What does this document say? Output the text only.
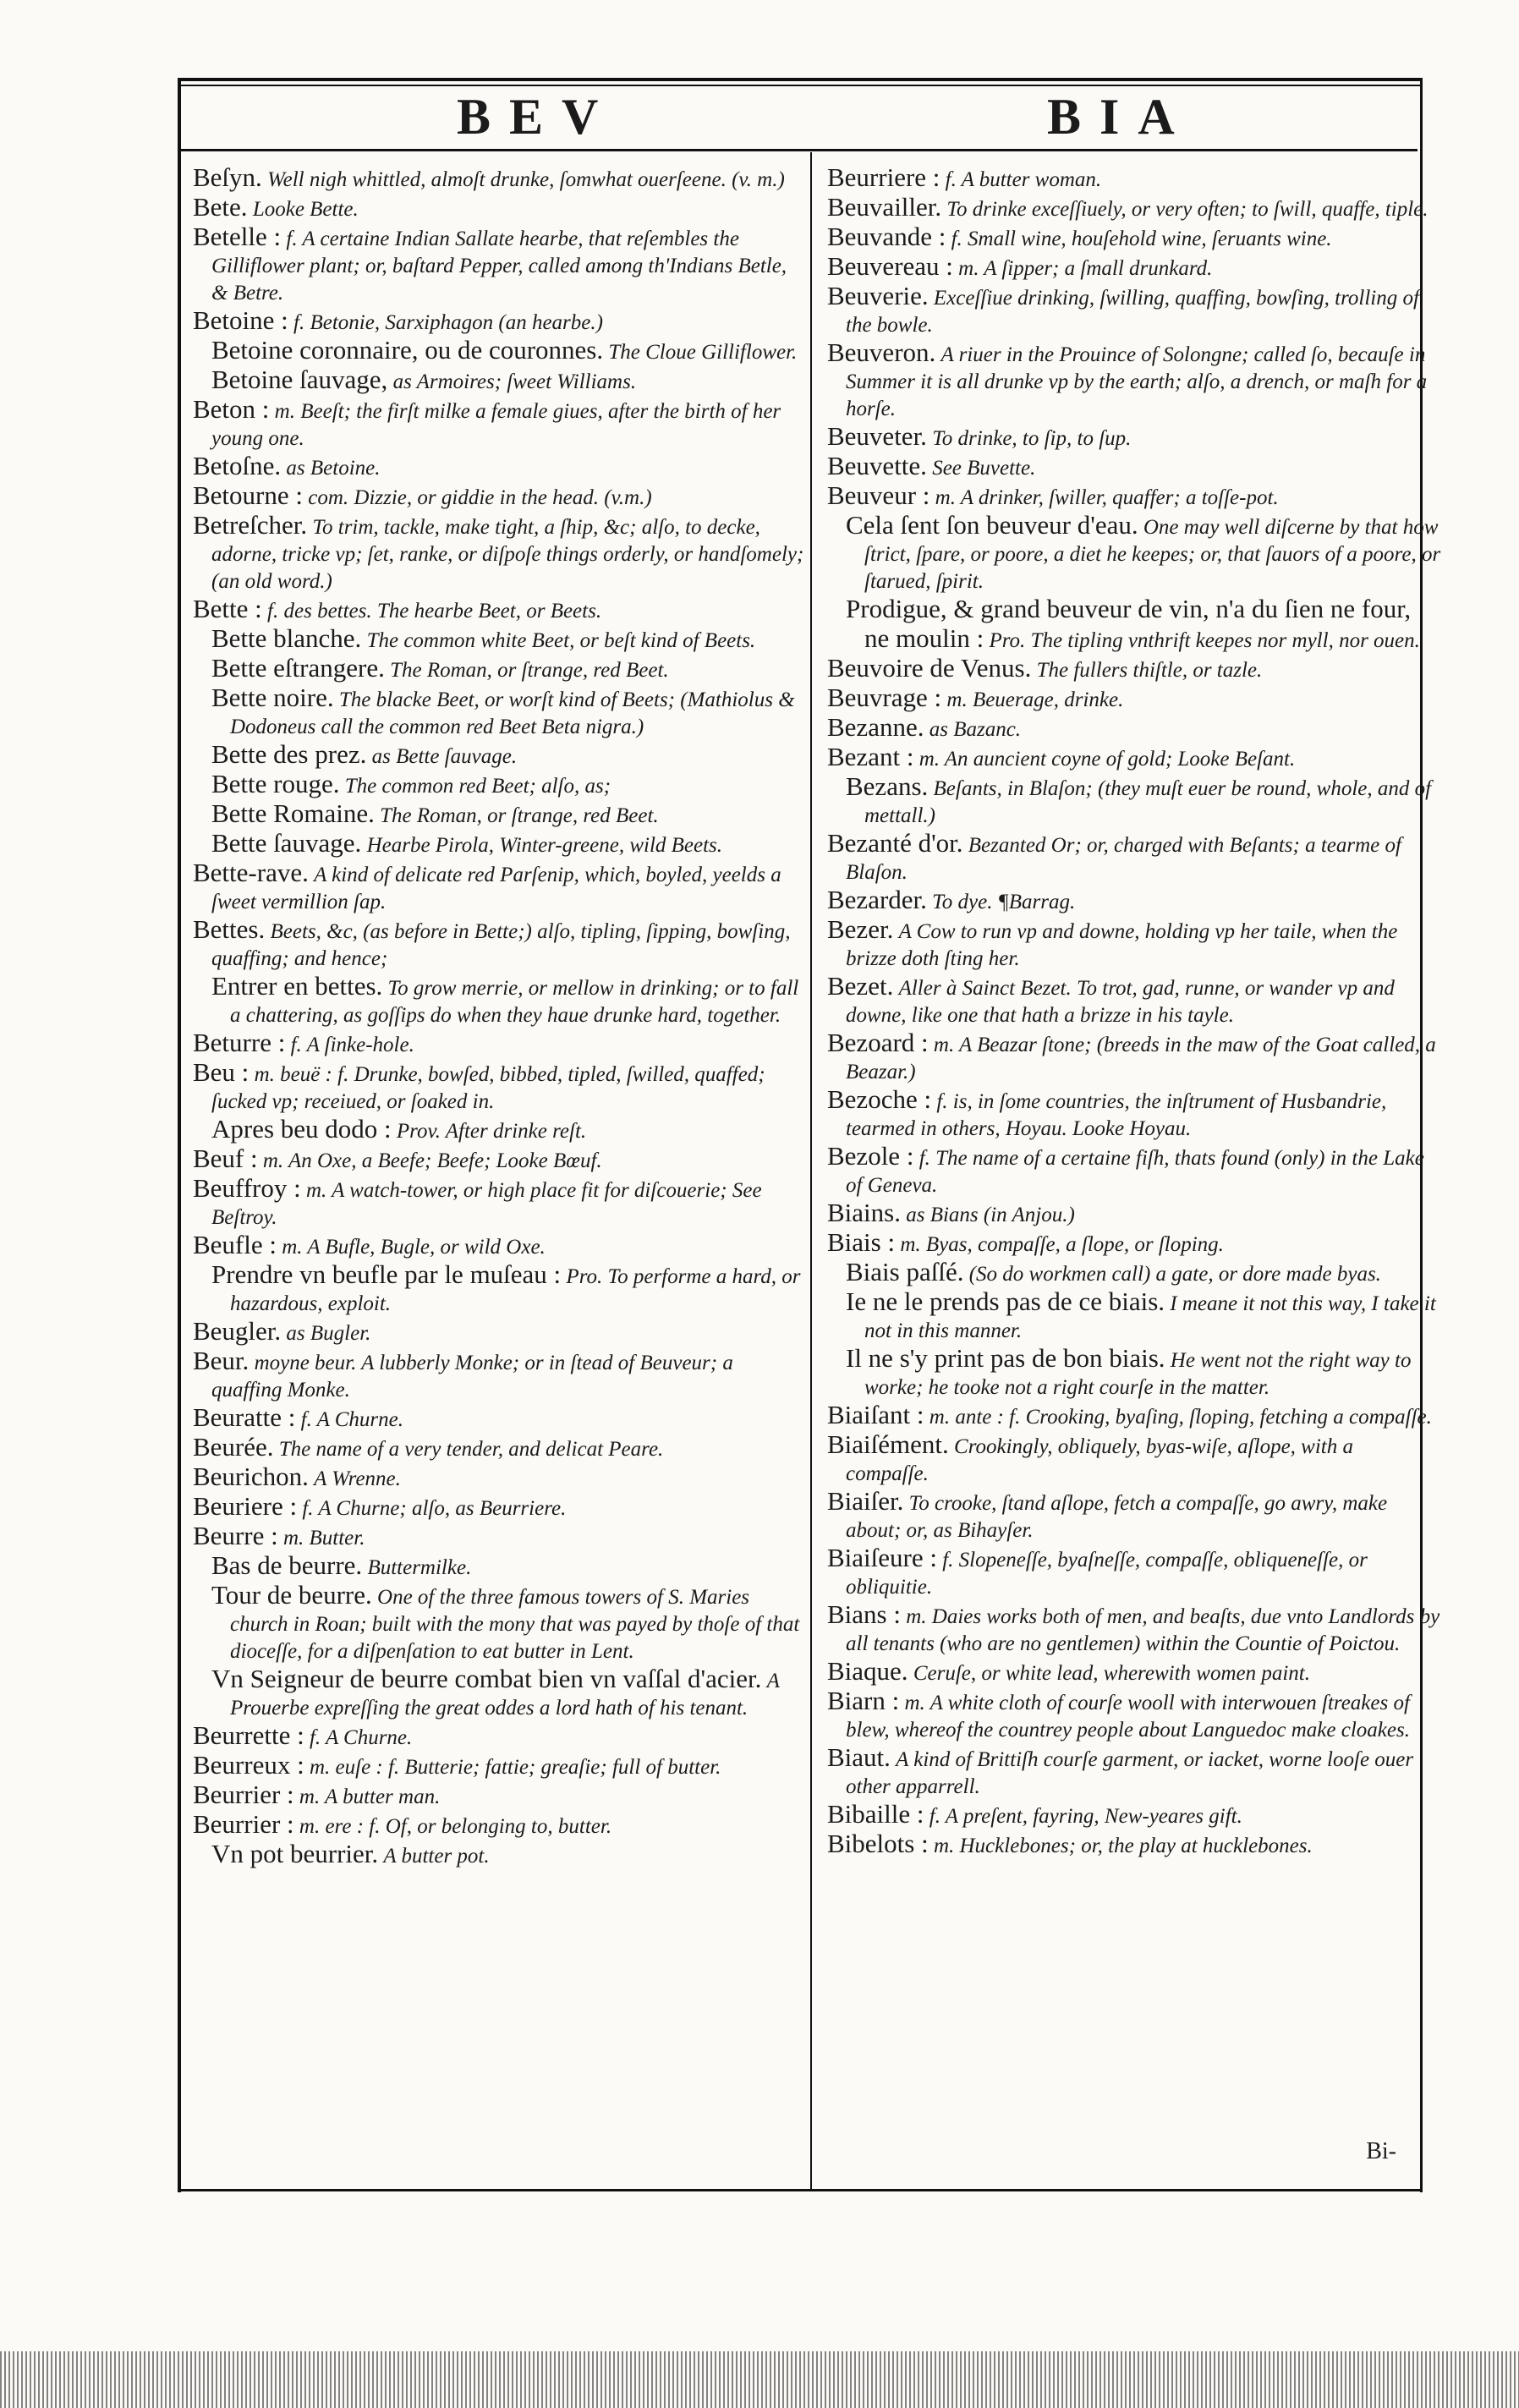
BEV	BIA

Beſyn. Well nigh whittled, almoſt drunke, ſomwhat ouerſeene. (v. m.)

Bete. Looke Bette.

Betelle : f. A certaine Indian Sallate hearbe, that reſembles the Gilliflower plant; or, baſtard Pepper, called among th'Indians Betle, & Betre.

Betoine : f. Betonie, Sarxiphagon (an hearbe.)

Betoine coronnaire, ou de couronnes. The Cloue Gilliflower.

Betoine ſauvage, as Armoires; ſweet Williams.

Beton : m. Beeſt; the firſt milke a female giues, after the birth of her young one.

Betoſne. as Betoine.

Betourne : com. Dizzie, or giddie in the head. (v.m.)

Betreſcher. To trim, tackle, make tight, a ſhip, &c; alſo, to decke, adorne, tricke vp; ſet, ranke, or diſpoſe things orderly, or handſomely; (an old word.)

Bette : f. des bettes. The hearbe Beet, or Beets.

Bette blanche. The common white Beet, or beſt kind of Beets.

Bette eſtrangere. The Roman, or ſtrange, red Beet.

Bette noire. The blacke Beet, or worſt kind of Beets; (Mathiolus & Dodoneus call the common red Beet Beta nigra.)

Bette des prez. as Bette ſauvage.

Bette rouge. The common red Beet; alſo, as;

Bette Romaine. The Roman, or ſtrange, red Beet.

Bette ſauvage. Hearbe Pirola, Winter-greene, wild Beets.

Bette-rave. A kind of delicate red Parſenip, which, boyled, yeelds a ſweet vermillion ſap.

Bettes. Beets, &c, (as before in Bette;) alſo, tipling, ſipping, bowſing, quaffing; and hence;

Entrer en bettes. To grow merrie, or mellow in drinking; or to fall a chattering, as goſſips do when they haue drunke hard, together.

Beturre : f. A ſinke-hole.

Beu : m. beuë : f. Drunke, bowſed, bibbed, tipled, ſwilled, quaffed; ſucked vp; receiued, or ſoaked in.

Apres beu dodo : Prov. After drinke reſt.

Beuf : m. An Oxe, a Beefe; Beefe; Looke Bœuf.

Beuffroy : m. A watch-tower, or high place fit for diſcouerie; See Beſtroy.

Beufle : m. A Bufle, Bugle, or wild Oxe.

Prendre vn beufle par le muſeau : Pro. To performe a hard, or hazardous, exploit.

Beugler. as Bugler.

Beur. moyne beur. A lubberly Monke; or in ſtead of Beuveur; a quaffing Monke.

Beuratte : f. A Churne.

Beurée. The name of a very tender, and delicat Peare.

Beurichon. A Wrenne.

Beuriere : f. A Churne; alſo, as Beurriere.

Beurre : m. Butter.

Bas de beurre. Buttermilke.

Tour de beurre. One of the three famous towers of S. Maries church in Roan; built with the mony that was payed by thoſe of that dioceſſe, for a diſpenſation to eat butter in Lent.

Vn Seigneur de beurre combat bien vn vaſſal d'acier. A Prouerbe expreſſing the great oddes a lord hath of his tenant.

Beurrette : f. A Churne.

Beurreux : m. euſe : f. Butterie; fattie; greaſie; full of butter.

Beurrier : m. A butter man.

Beurrier : m. ere : f. Of, or belonging to, butter.

Vn pot beurrier. A butter pot.

Beurriere : f. A butter woman.

Beuvailler. To drinke exceſſiuely, or very often; to ſwill, quaffe, tiple.

Beuvande : f. Small wine, houſehold wine, ſeruants wine.

Beuvereau : m. A ſipper; a ſmall drunkard.

Beuverie. Exceſſiue drinking, ſwilling, quaffing, bowſing, trolling of the bowle.

Beuveron. A riuer in the Prouince of Solongne; called ſo, becauſe in Summer it is all drunke vp by the earth; alſo, a drench, or maſh for a horſe.

Beuveter. To drinke, to ſip, to ſup.

Beuvette. See Buvette.

Beuveur : m. A drinker, ſwiller, quaffer; a toſſe-pot.

Cela ſent ſon beuveur d'eau. One may well diſcerne by that how ſtrict, ſpare, or poore, a diet he keepes; or, that ſauors of a poore, or ſtarued, ſpirit.

Prodigue, & grand beuveur de vin, n'a du ſien ne four, ne moulin : Pro. The tipling vnthrift keepes nor myll, nor ouen.

Beuvoire de Venus. The fullers thiſtle, or tazle.

Beuvrage : m. Beuerage, drinke.

Bezanne. as Bazanc.

Bezant : m. An auncient coyne of gold; Looke Beſant.

Bezans. Beſants, in Blaſon; (they muſt euer be round, whole, and of mettall.)

Bezanté d'or. Bezanted Or; or, charged with Beſants; a tearme of Blaſon.

Bezarder. To dye. ¶Barrag.

Bezer. A Cow to run vp and downe, holding vp her taile, when the brizze doth ſting her.

Bezet. Aller à Sainct Bezet. To trot, gad, runne, or wander vp and downe, like one that hath a brizze in his tayle.

Bezoard : m. A Beazar ſtone; (breeds in the maw of the Goat called, a Beazar.)

Bezoche : f. is, in ſome countries, the inſtrument of Husbandrie, tearmed in others, Hoyau. Looke Hoyau.

Bezole : f. The name of a certaine fiſh, thats found (only) in the Lake of Geneva.

Biains. as Bians (in Anjou.)

Biais : m. Byas, compaſſe, a ſlope, or ſloping.

Biais paſſé. (So do workmen call) a gate, or dore made byas.

Ie ne le prends pas de ce biais. I meane it not this way, I take it not in this manner.

Il ne s'y print pas de bon biais. He went not the right way to worke; he tooke not a right courſe in the matter.

Biaiſant : m. ante : f. Crooking, byaſing, ſloping, fetching a compaſſe.

Biaiſément. Crookingly, obliquely, byas-wiſe, aſlope, with a compaſſe.

Biaiſer. To crooke, ſtand aſlope, fetch a compaſſe, go awry, make about; or, as Bihayſer.

Biaiſeure : f. Slopeneſſe, byaſneſſe, compaſſe, obliqueneſſe, or obliquitie.

Bians : m. Daies works both of men, and beaſts, due vnto Landlords by all tenants (who are no gentlemen) within the Countie of Poictou.

Biaque. Ceruſe, or white lead, wherewith women paint.

Biarn : m. A white cloth of courſe wooll with interwouen ſtreakes of blew, whereof the countrey people about Languedoc make cloakes.

Biaut. A kind of Brittiſh courſe garment, or iacket, worne looſe ouer other apparrell.

Bibaille : f. A preſent, fayring, New-yeares gift.

Bibelots : m. Hucklebones; or, the play at hucklebones.

Bi-
